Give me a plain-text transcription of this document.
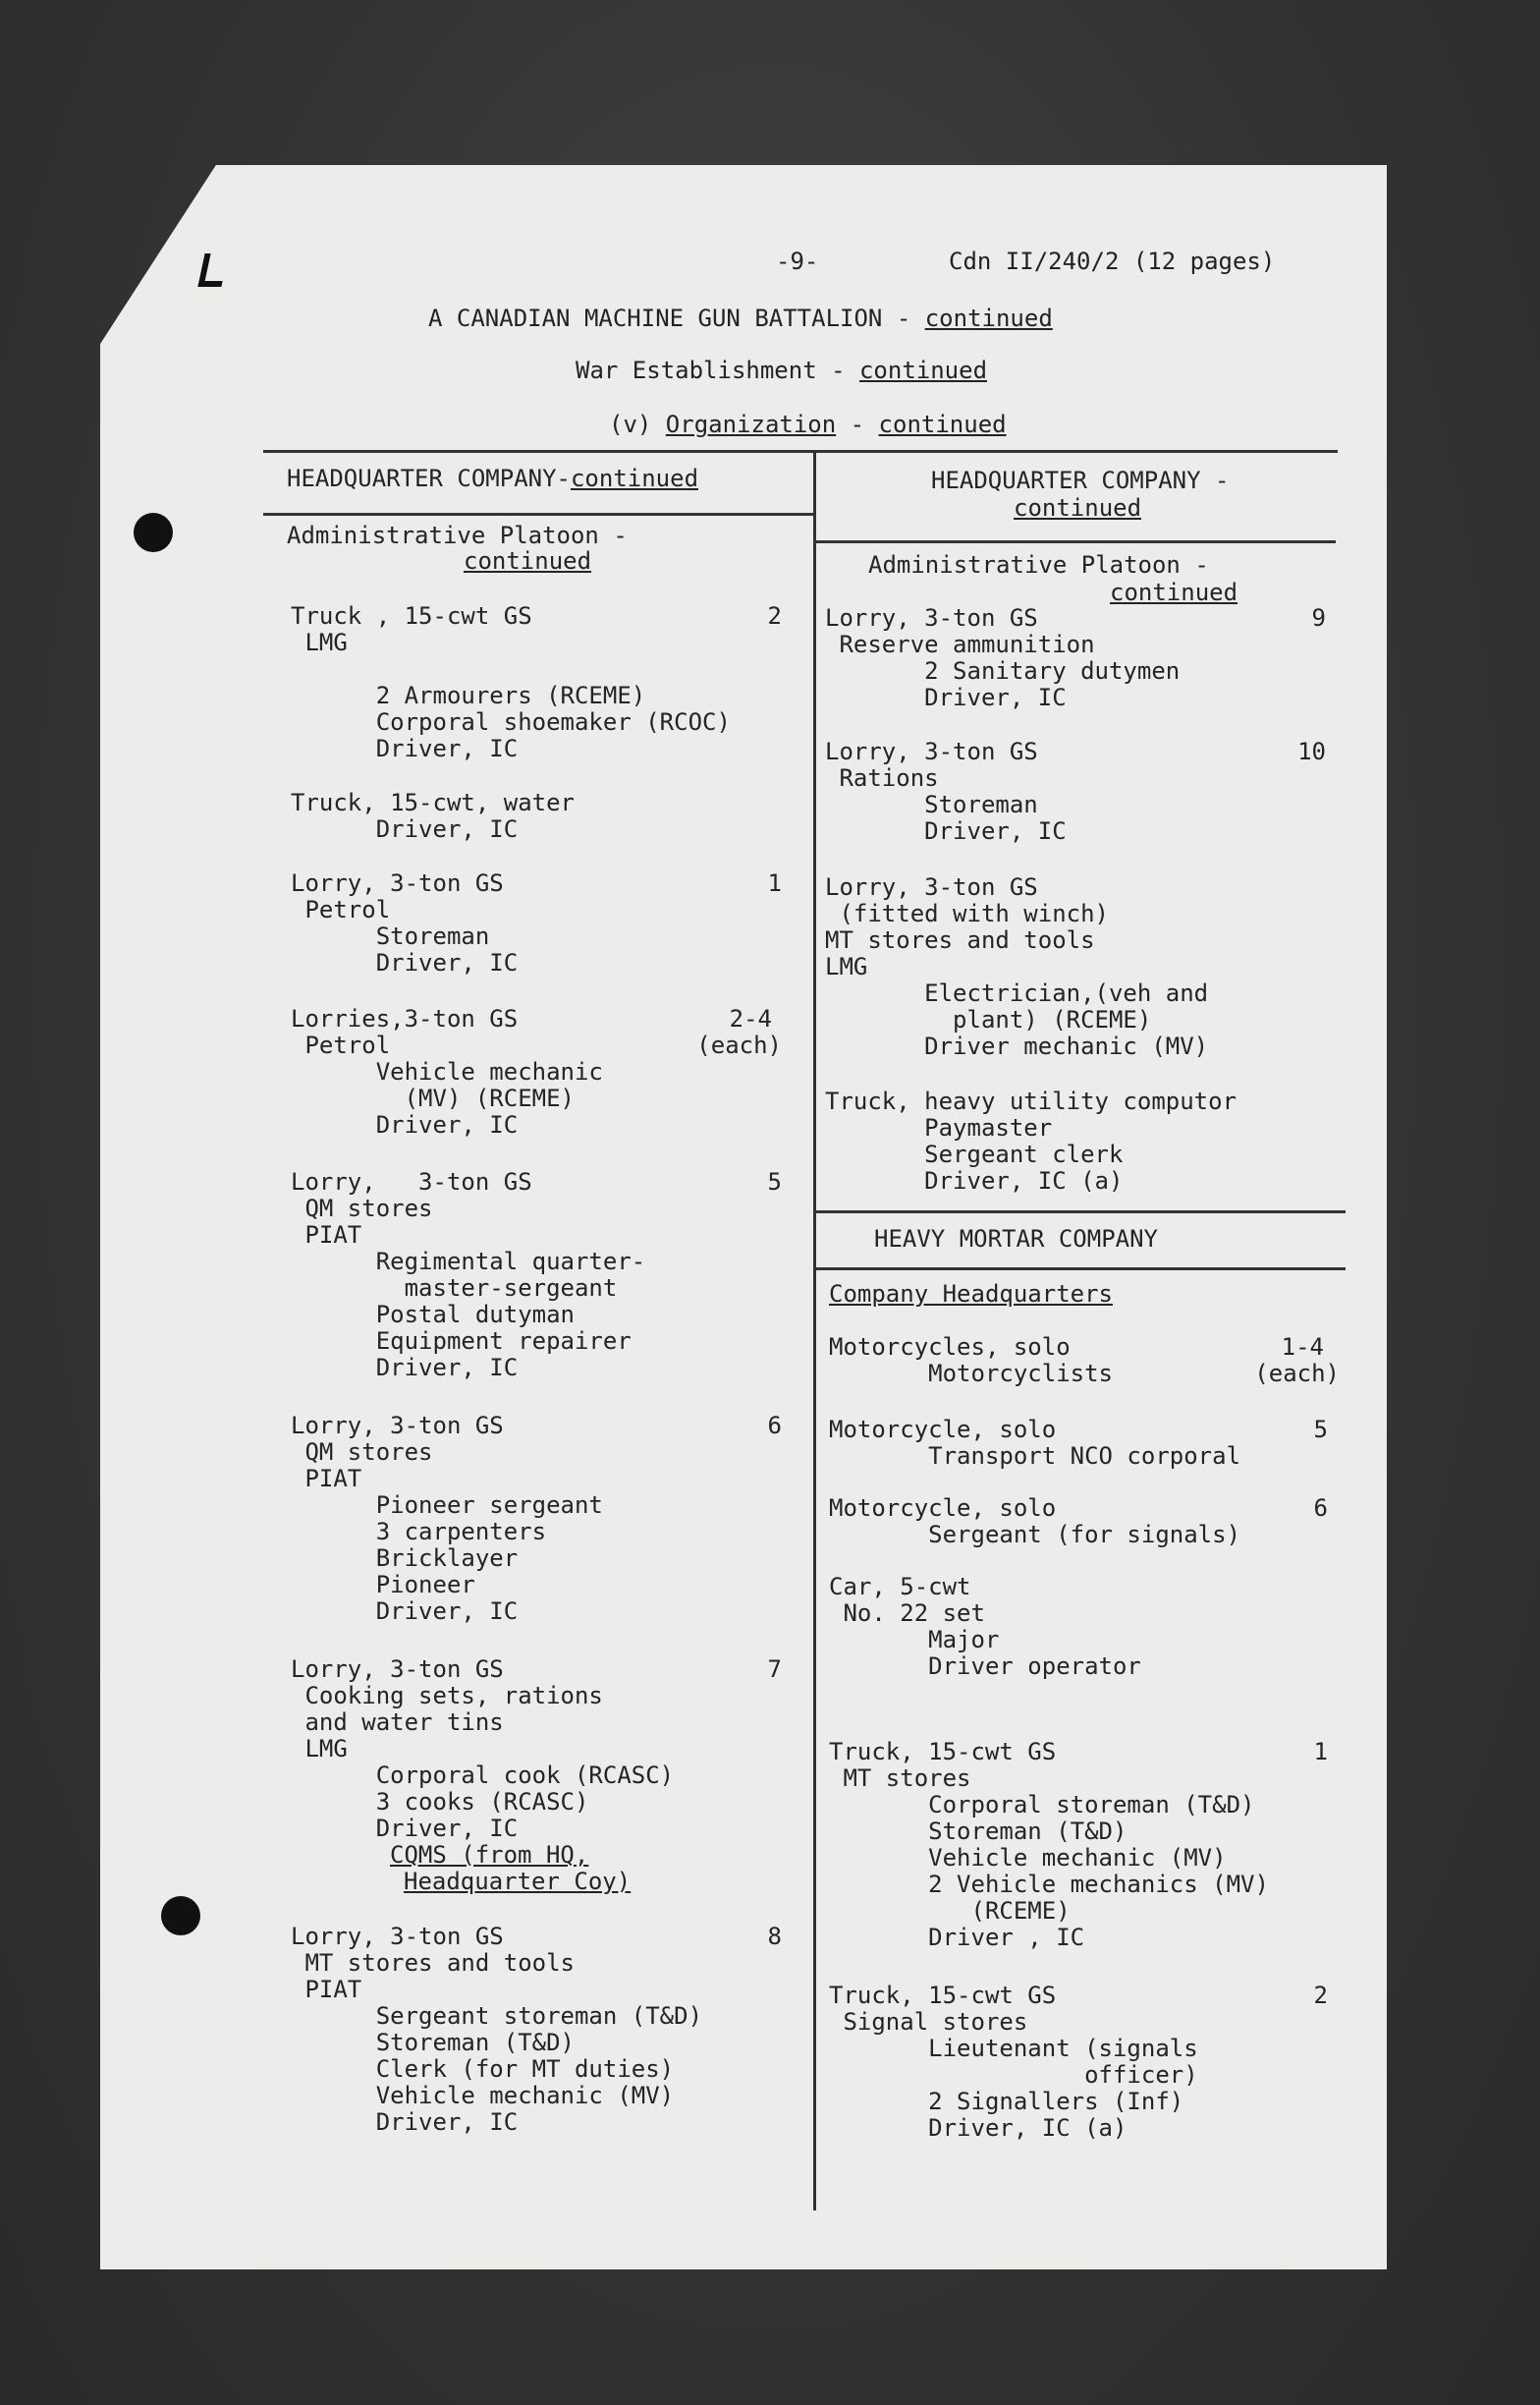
-9-	Cdn II/240/2 (12 pages)
A CANADIAN MACHINE GUN BATTALION - continued
War Establishment - continued
(v) Organization - continued
HEADQUARTER COMPANY-continued
Administrative Platoon -
continued
HEADQUARTER COMPANY -
continued
Administrative Platoon -
continued
HEAVY MORTAR COMPANY
Company Headquarters
Truck , 15-cwt GS
LMG
2 Armourers (RCEME)
Corporal shoemaker (RCOC)
Driver, IC
2
Truck, 15-cwt, water
Driver, IC
Lorry, 3-ton GS
Petrol
Storeman
Driver, IC
1
Lorries,3-ton GS
Petrol
Vehicle mechanic
(MV) (RCEME)
Driver, IC
2-4
(each)
Lorry,   3-ton GS
QM stores
PIAT
Regimental quarter-
master-sergeant
Postal dutyman
Equipment repairer
Driver, IC
5
Lorry, 3-ton GS
QM stores
PIAT
Pioneer sergeant
3 carpenters
Bricklayer
Pioneer
Driver, IC
6
Lorry, 3-ton GS
Cooking sets, rations
and water tins
LMG
Corporal cook (RCASC)
3 cooks (RCASC)
Driver, IC
CQMS (from HQ,
Headquarter Coy)
7
Lorry, 3-ton GS
MT stores and tools
PIAT
Sergeant storeman (T&D)
Storeman (T&D)
Clerk (for MT duties)
Vehicle mechanic (MV)
Driver, IC
8
Lorry, 3-ton GS
Reserve ammunition
2 Sanitary dutymen
Driver, IC
9
Lorry, 3-ton GS
Rations
Storeman
Driver, IC
10
Lorry, 3-ton GS
(fitted with winch)
MT stores and tools
LMG
Electrician,(veh and
plant) (RCEME)
Driver mechanic (MV)
Truck, heavy utility computor
Paymaster
Sergeant clerk
Driver, IC (a)
Motorcycles, solo
Motorcyclists
1-4
(each)
Motorcycle, solo
Transport NCO corporal
5
Motorcycle, solo
Sergeant (for signals)
6
Car, 5-cwt
No. 22 set
Major
Driver operator
Truck, 15-cwt GS
MT stores
Corporal storeman (T&D)
Storeman (T&D)
Vehicle mechanic (MV)
2 Vehicle mechanics (MV)
(RCEME)
Driver , IC
1
Truck, 15-cwt GS
Signal stores
Lieutenant (signals
officer)
2 Signallers (Inf)
Driver, IC (a)
2
